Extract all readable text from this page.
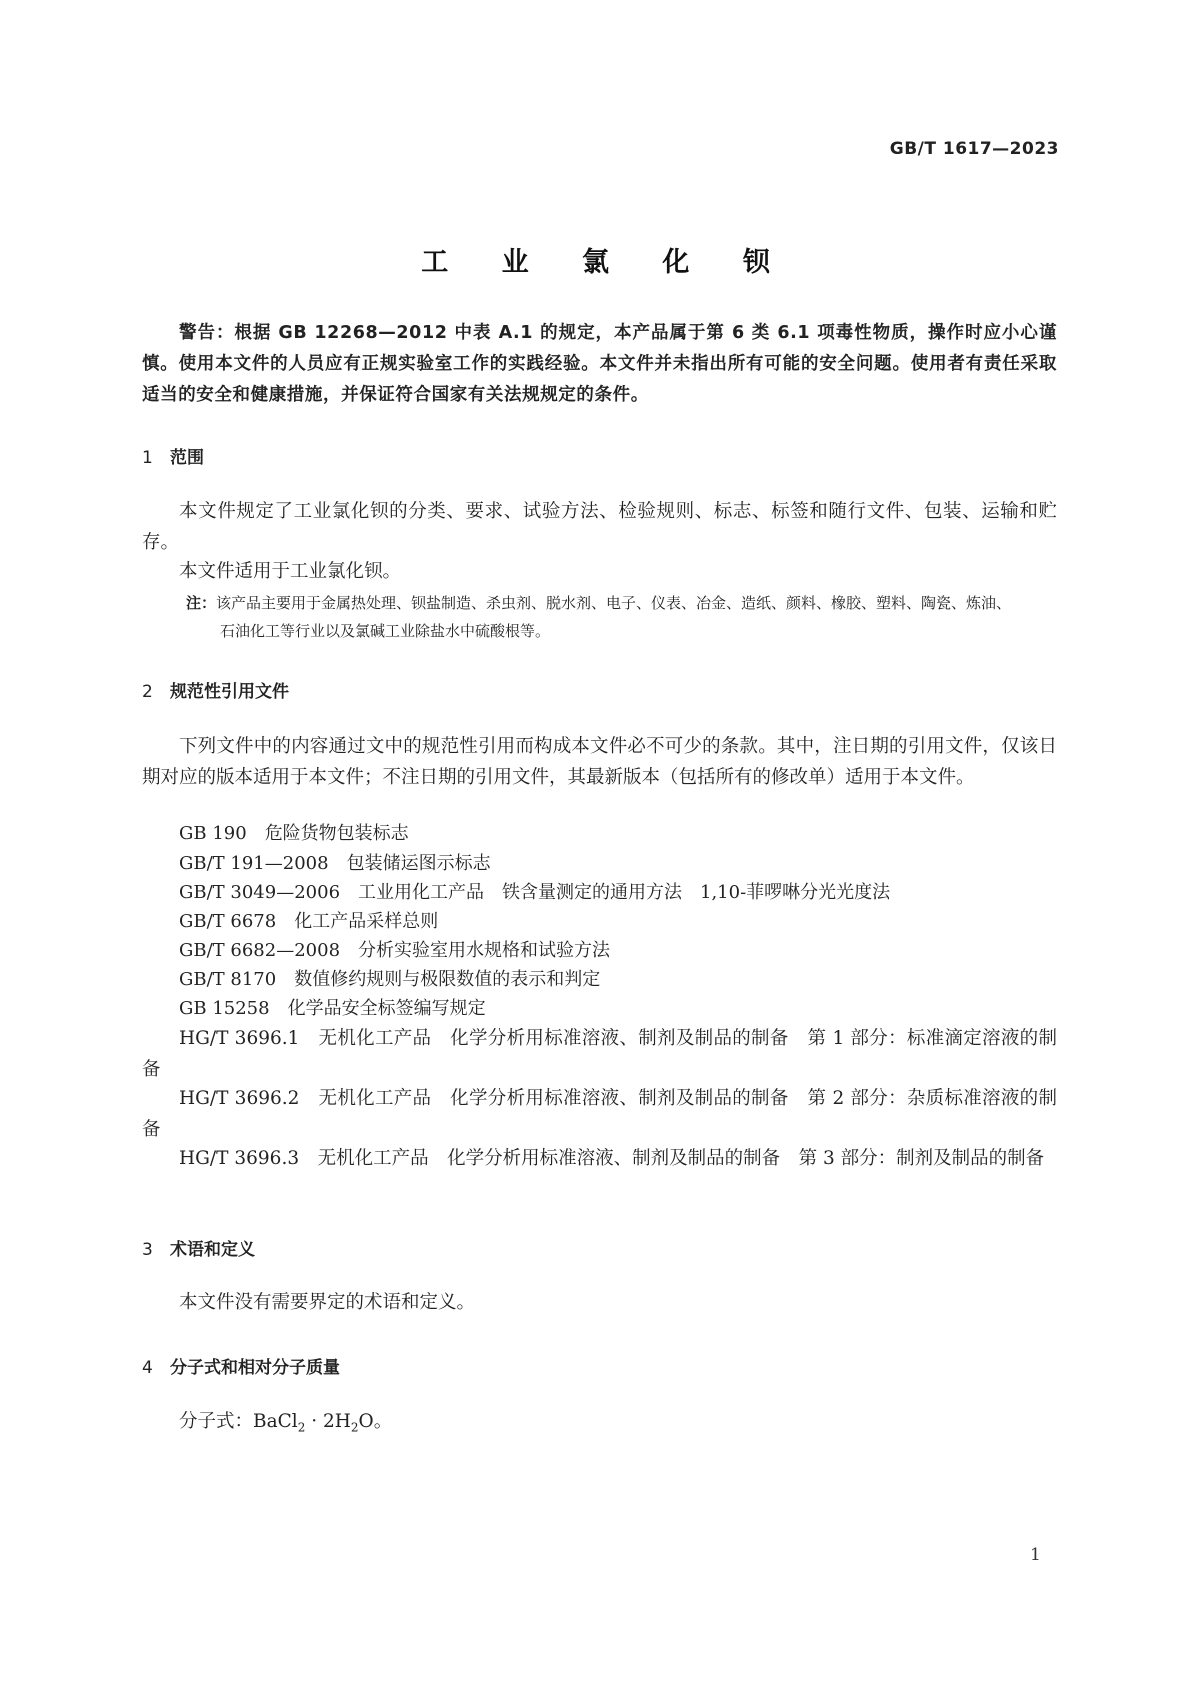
GB/T 1617—2023
工 业 氯 化 钡
警告：根据 GB 12268—2012 中表 A.1 的规定，本产品属于第 6 类 6.1 项毒性物质，操作时应小心谨慎。使用本文件的人员应有正规实验室工作的实践经验。本文件并未指出所有可能的安全问题。使用者有责任采取适当的安全和健康措施，并保证符合国家有关法规规定的条件。
1 范围
本文件规定了工业氯化钡的分类、要求、试验方法、检验规则、标志、标签和随行文件、包装、运输和贮存。
本文件适用于工业氯化钡。
注：该产品主要用于金属热处理、钡盐制造、杀虫剂、脱水剂、电子、仪表、冶金、造纸、颜料、橡胶、塑料、陶瓷、炼油、
石油化工等行业以及氯碱工业除盐水中硫酸根等。
2 规范性引用文件
下列文件中的内容通过文中的规范性引用而构成本文件必不可少的条款。其中，注日期的引用文件，仅该日期对应的版本适用于本文件；不注日期的引用文件，其最新版本（包括所有的修改单）适用于本文件。
GB 190 危险货物包装标志
GB/T 191—2008 包装储运图示标志
GB/T 3049—2006 工业用化工产品　铁含量测定的通用方法　1,10-菲啰啉分光光度法
GB/T 6678 化工产品采样总则
GB/T 6682—2008 分析实验室用水规格和试验方法
GB/T 8170 数值修约规则与极限数值的表示和判定
GB 15258 化学品安全标签编写规定
HG/T 3696.1　 无机化工产品　化学分析用标准溶液、制剂及制品的制备　第 1 部分：标准滴定溶液的制备
HG/T 3696.2　 无机化工产品　化学分析用标准溶液、制剂及制品的制备　第 2 部分：杂质标准溶液的制备
HG/T 3696.3　 无机化工产品　化学分析用标准溶液、制剂及制品的制备　第 3 部分：制剂及制品的制备
3 术语和定义
本文件没有需要界定的术语和定义。
4 分子式和相对分子质量
分子式：BaCl$_2$ · $2H_2O$。
1
